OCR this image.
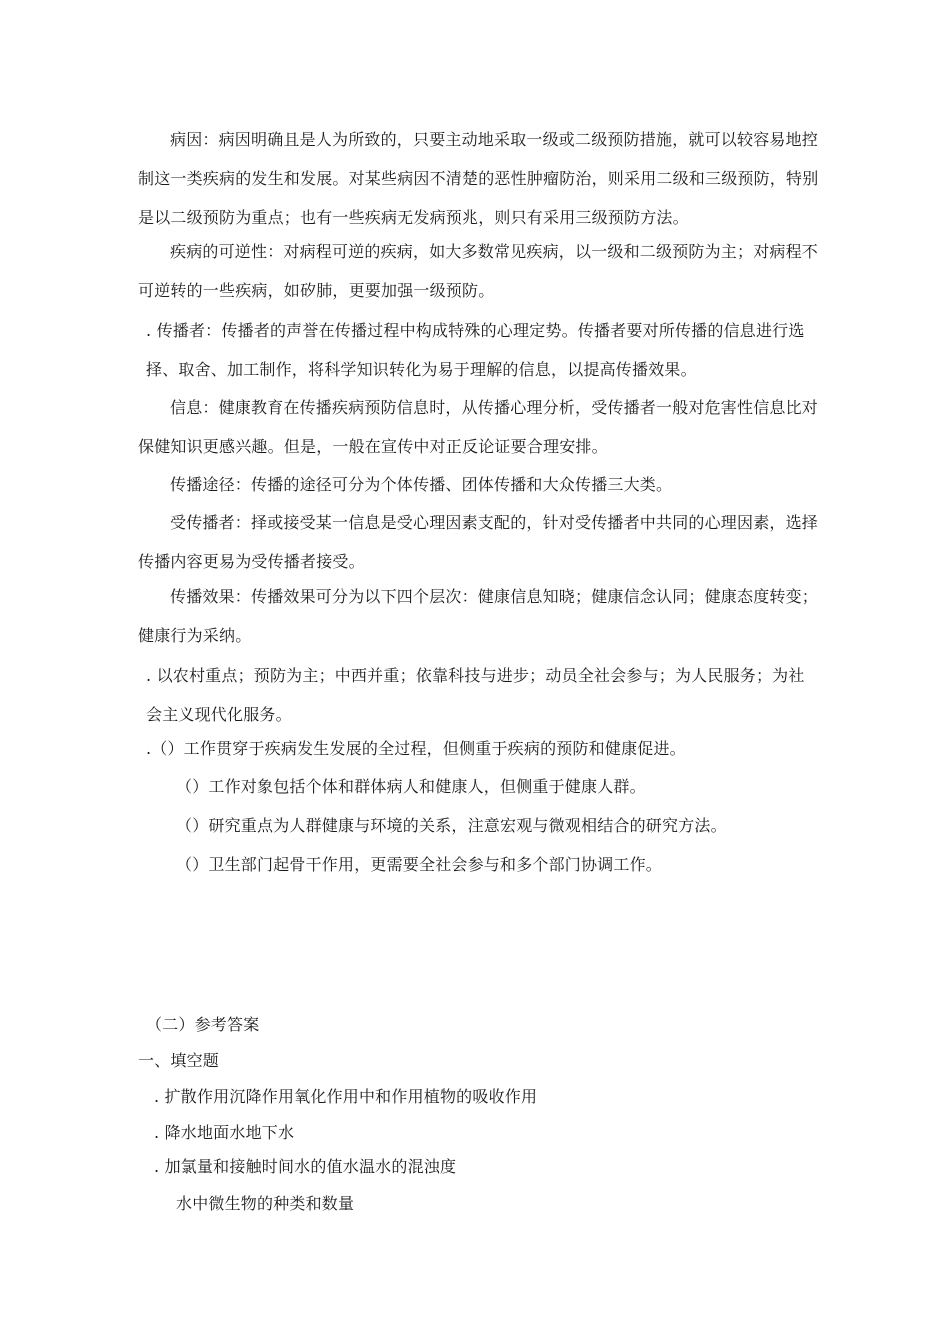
病因：病因明确且是人为所致的，只要主动地采取一级或二级预防措施，就可以较容易地控制这一类疾病的发生和发展。对某些病因不清楚的恶性肿瘤防治，则采用二级和三级预防，特别是以二级预防为重点；也有一些疾病无发病预兆，则只有采用三级预防方法。

疾病的可逆性：对病程可逆的疾病，如大多数常见疾病，以一级和二级预防为主；对病程不可逆转的一些疾病，如矽肺，更要加强一级预防。

. 传播者：传播者的声誉在传播过程中构成特殊的心理定势。传播者要对所传播的信息进行选择、取舍、加工制作，将科学知识转化为易于理解的信息，以提高传播效果。

信息：健康教育在传播疾病预防信息时，从传播心理分析，受传播者一般对危害性信息比对保健知识更感兴趣。但是，一般在宣传中对正反论证要合理安排。

传播途径：传播的途径可分为个体传播、团体传播和大众传播三大类。

受传播者：择或接受某一信息是受心理因素支配的，针对受传播者中共同的心理因素，选择传播内容更易为受传播者接受。

传播效果：传播效果可分为以下四个层次：健康信息知晓；健康信念认同；健康态度转变；健康行为采纳。

. 以农村重点；预防为主；中西并重；依靠科技与进步；动员全社会参与；为人民服务；为社会主义现代化服务。

.（）工作贯穿于疾病发生发展的全过程，但侧重于疾病的预防和健康促进。

（）工作对象包括个体和群体病人和健康人，但侧重于健康人群。

（）研究重点为人群健康与环境的关系，注意宏观与微观相结合的研究方法。

（）卫生部门起骨干作用，更需要全社会参与和多个部门协调工作。

（二）参考答案

一、填空题

. 扩散作用沉降作用氧化作用中和作用植物的吸收作用

. 降水地面水地下水

. 加氯量和接触时间水的值水温水的混浊度

水中微生物的种类和数量
